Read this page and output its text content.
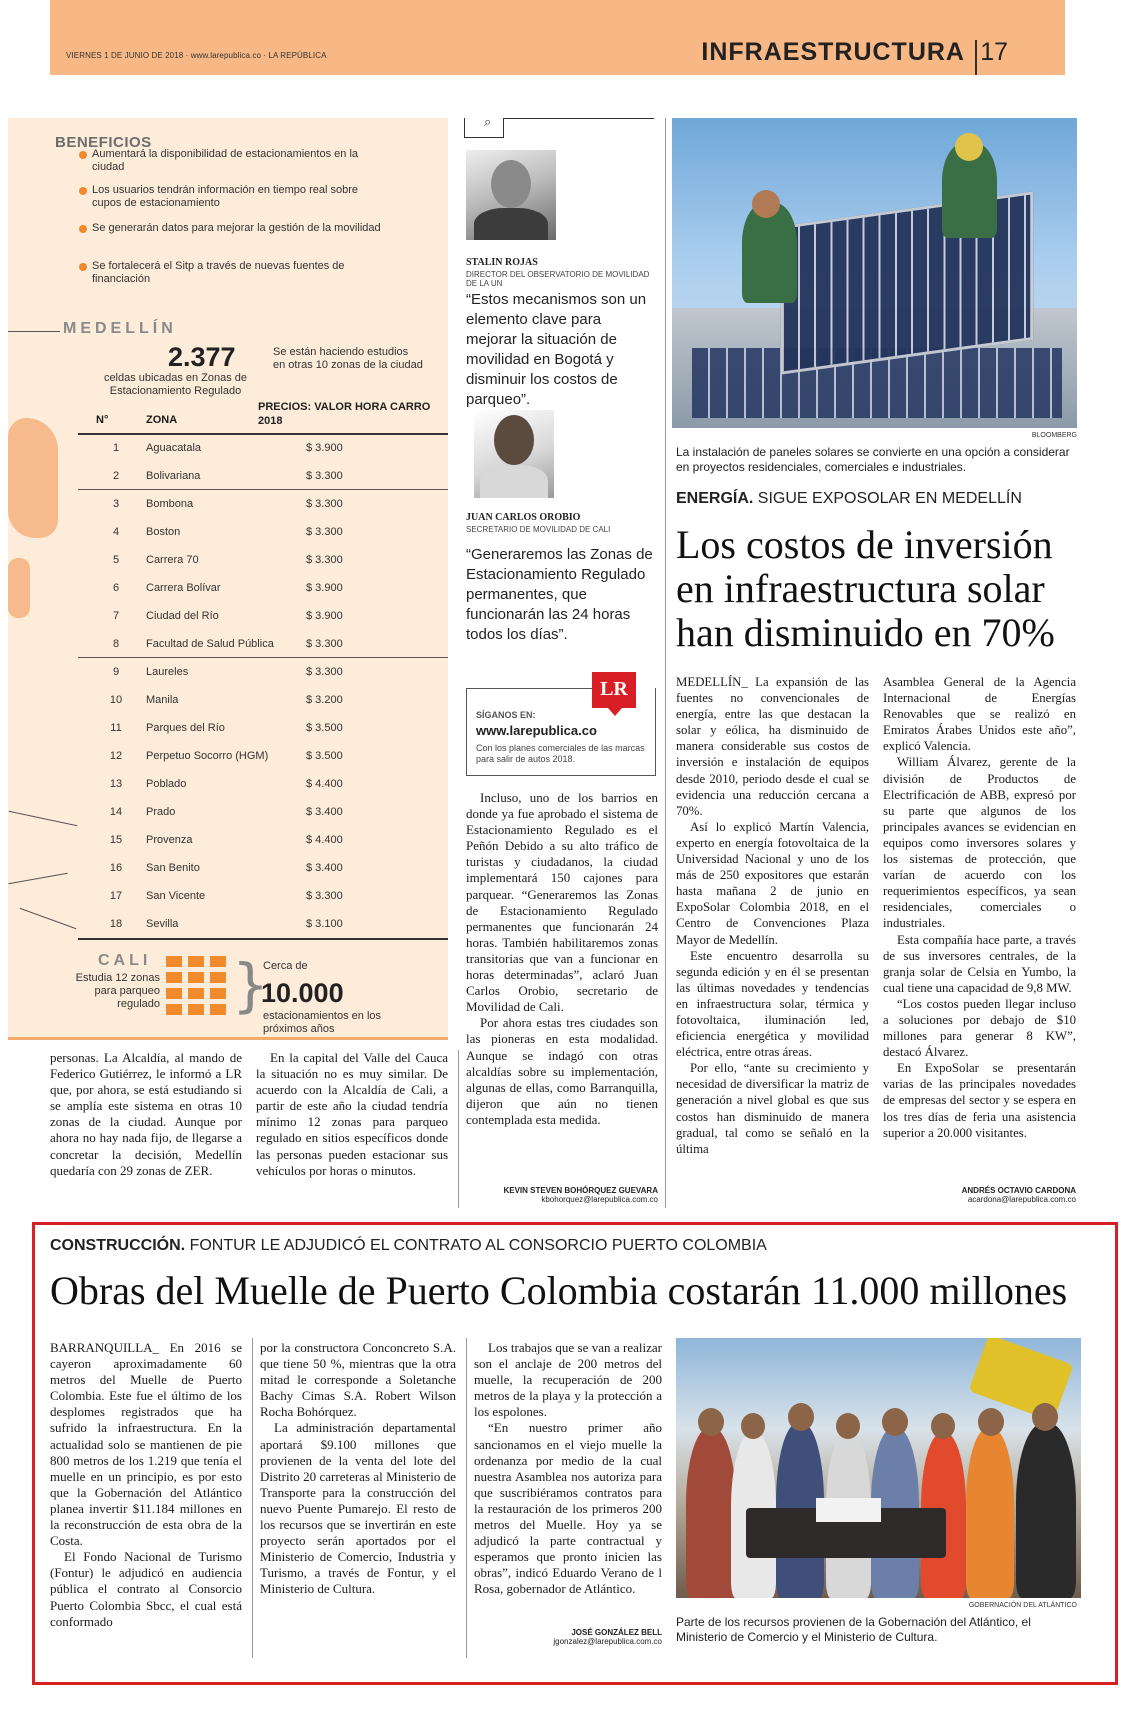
VIERNES 1 DE JUNIO DE 2018 · www.larepublica.co · LA REPÚBLICA	INFRAESTRUCTURA 17
BENEFICIOS
Aumentará la disponibilidad de estacionamientos en la ciudad
Los usuarios tendrán información en tiempo real sobre cupos de estacionamiento
Se generarán datos para mejorar la gestión de la movilidad
Se fortalecerá el Sitp a través de nuevas fuentes de financiación
MEDELLÍN
2.377
celdas ubicadas en Zonas de Estacionamiento Regulado
Se están haciendo estudios en otras 10 zonas de la ciudad
PRECIOS: VALOR HORA CARRO 2018
N°	ZONA
1	Aguacatala	$ 3.900
2	Bolivariana	$ 3.300
3	Bombona	$ 3.300
4	Boston	$ 3.300
5	Carrera 70	$ 3.300
6	Carrera Bolívar	$ 3.900
7	Ciudad del Río	$ 3.900
8	Facultad de Salud Pública	$ 3.300
9	Laureles	$ 3.300
10	Manila	$ 3.200
11	Parques del Río	$ 3.500
12	Perpetuo Socorro (HGM)	$ 3.500
13	Poblado	$ 4.400
14	Prado	$ 3.400
15	Provenza	$ 4.400
16	San Benito	$ 3.400
17	San Vicente	$ 3.300
18	Sevilla	$ 3.100
CALI
Estudia 12 zonas para parqueo regulado }
Cerca de
10.000
estacionamientos en los próximos años

personas. La Alcaldía, al mando de Federico Gutiérrez, le informó a LR que, por ahora, se está estudiando si se amplía este sistema en otras 10 zonas de la ciudad. Aunque por ahora no hay nada fijo, de llegarse a concretar la decisión, Medellín quedaría con 29 zonas de ZER.

En la capital del Valle del Cauca la situación no es muy similar. De acuerdo con la Alcaldía de Cali, a partir de este año la ciudad tendría mínimo 12 zonas para parqueo regulado en sitios específicos donde las personas pueden estacionar sus vehículos por horas o minutos.

⌕
STALIN ROJAS
DIRECTOR DEL OBSERVATORIO DE MOVILIDAD DE LA UN
“Estos mecanismos son un elemento clave para mejorar la situación de movilidad en Bogotá y disminuir los costos de parqueo”.
JUAN CARLOS OROBIO
SECRETARIO DE MOVILIDAD DE CALI
“Generaremos las Zonas de Estacionamiento Regulado permanentes, que funcionarán las 24 horas todos los días”.
LR
SÍGANOS EN:
www.larepublica.co
Con los planes comerciales de las marcas para salir de autos 2018.

Incluso, uno de los barrios en donde ya fue aprobado el sistema de Estacionamiento Regulado es el Peñón Debido a su alto tráfico de turistas y ciudadanos, la ciudad implementará 150 cajones para parquear. “Generaremos las Zonas de Estacionamiento Regulado permanentes que funcionarán 24 horas. También habilitaremos zonas transitorias que van a funcionar en horas determinadas”, aclaró Juan Carlos Orobio, secretario de Movilidad de Cali.

Por ahora estas tres ciudades son las pioneras en esta modalidad. Aunque se indagó con otras alcaldías sobre su implementación, algunas de ellas, como Barranquilla, dijeron que aún no tienen contemplada esta medida.

KEVIN STEVEN BOHÓRQUEZ GUEVARA
kbohorquez@larepublica.com.co
BLOOMBERG
La instalación de paneles solares se convierte en una opción a considerar en proyectos residenciales, comerciales e industriales.
ENERGÍA. SIGUE EXPOSOLAR EN MEDELLÍN
Los costos de inversión en infraestructura solar han disminuido en 70%

MEDELLÍN_ La expansión de las fuentes no convencionales de energía, entre las que destacan la solar y eólica, ha disminuido de manera considerable sus costos de inversión e instalación de equipos desde 2010, periodo desde el cual se evidencia una reducción cercana a 70%.

Así lo explicó Martín Valencia, experto en energía fotovoltaica de la Universidad Nacional y uno de los más de 250 expositores que estarán hasta mañana 2 de junio en ExpoSolar Colombia 2018, en el Centro de Convenciones Plaza Mayor de Medellín.

Este encuentro desarrolla su segunda edición y en él se presentan las últimas novedades y tendencias en infraestructura solar, térmica y fotovoltaica, iluminación led, eficiencia energética y movilidad eléctrica, entre otras áreas.

Por ello, “ante su crecimiento y necesidad de diversificar la matriz de generación a nivel global es que sus costos han disminuido de manera gradual, tal como se señaló en la última

Asamblea General de la Agencia Internacional de Energías Renovables que se realizó en Emiratos Árabes Unidos este año”, explicó Valencia.

William Álvarez, gerente de la división de Productos de Electrificación de ABB, expresó por su parte que algunos de los principales avances se evidencian en equipos como inversores solares y los sistemas de protección, que varían de acuerdo con los requerimientos específicos, ya sean residenciales, comerciales o industriales.

Esta compañía hace parte, a través de sus inversores centrales, de la granja solar de Celsia en Yumbo, la cual tiene una capacidad de 9,8 MW.

“Los costos pueden llegar incluso a soluciones por debajo de $10 millones para generar 8 KW”, destacó Álvarez.

En ExpoSolar se presentarán varias de las principales novedades de empresas del sector y se espera en los tres días de feria una asistencia superior a 20.000 visitantes.

ANDRÉS OCTAVIO CARDONA
acardona@larepublica.com.co
CONSTRUCCIÓN. FONTUR LE ADJUDICÓ EL CONTRATO AL CONSORCIO PUERTO COLOMBIA
Obras del Muelle de Puerto Colombia costarán 11.000 millones

BARRANQUILLA_ En 2016 se cayeron aproximadamente 60 metros del Muelle de Puerto Colombia. Este fue el último de los desplomes registrados que ha sufrido la infraestructura. En la actualidad solo se mantienen de pie 800 metros de los 1.219 que tenía el muelle en un principio, es por esto que la Gobernación del Atlántico planea invertir $11.184 millones en la reconstrucción de esta obra de la Costa.

El Fondo Nacional de Turismo (Fontur) le adjudicó en audiencia pública el contrato al Consorcio Puerto Colombia Sbcc, el cual está conformado

por la constructora Conconcreto S.A. que tiene 50 %, mientras que la otra mitad le corresponde a Soletanche Bachy Cimas S.A. Robert Wilson Rocha Bohórquez.

La administración departamental aportará $9.100 millones que provienen de la venta del lote del Distrito 20 carreteras al Ministerio de Transporte para la construcción del nuevo Puente Pumarejo. El resto de los recursos que se invertirán en este proyecto serán aportados por el Ministerio de Comercio, Industria y Turismo, a través de Fontur, y el Ministerio de Cultura.

Los trabajos que se van a realizar son el anclaje de 200 metros del muelle, la recuperación de 200 metros de la playa y la protección a los espolones.

“En nuestro primer año sancionamos en el viejo muelle la ordenanza por medio de la cual nuestra Asamblea nos autoriza para que suscribiéramos contratos para la restauración de los primeros 200 metros del Muelle. Hoy ya se adjudicó la parte contractual y esperamos que pronto inicien las obras”, indicó Eduardo Verano de l Rosa, gobernador de Atlántico.

JOSÉ GONZÁLEZ BELL
jgonzalez@larepublica.com.co
GOBERNACIÓN DEL ATLÁNTICO
Parte de los recursos provienen de la Gobernación del Atlántico, el Ministerio de Comercio y el Ministerio de Cultura.
